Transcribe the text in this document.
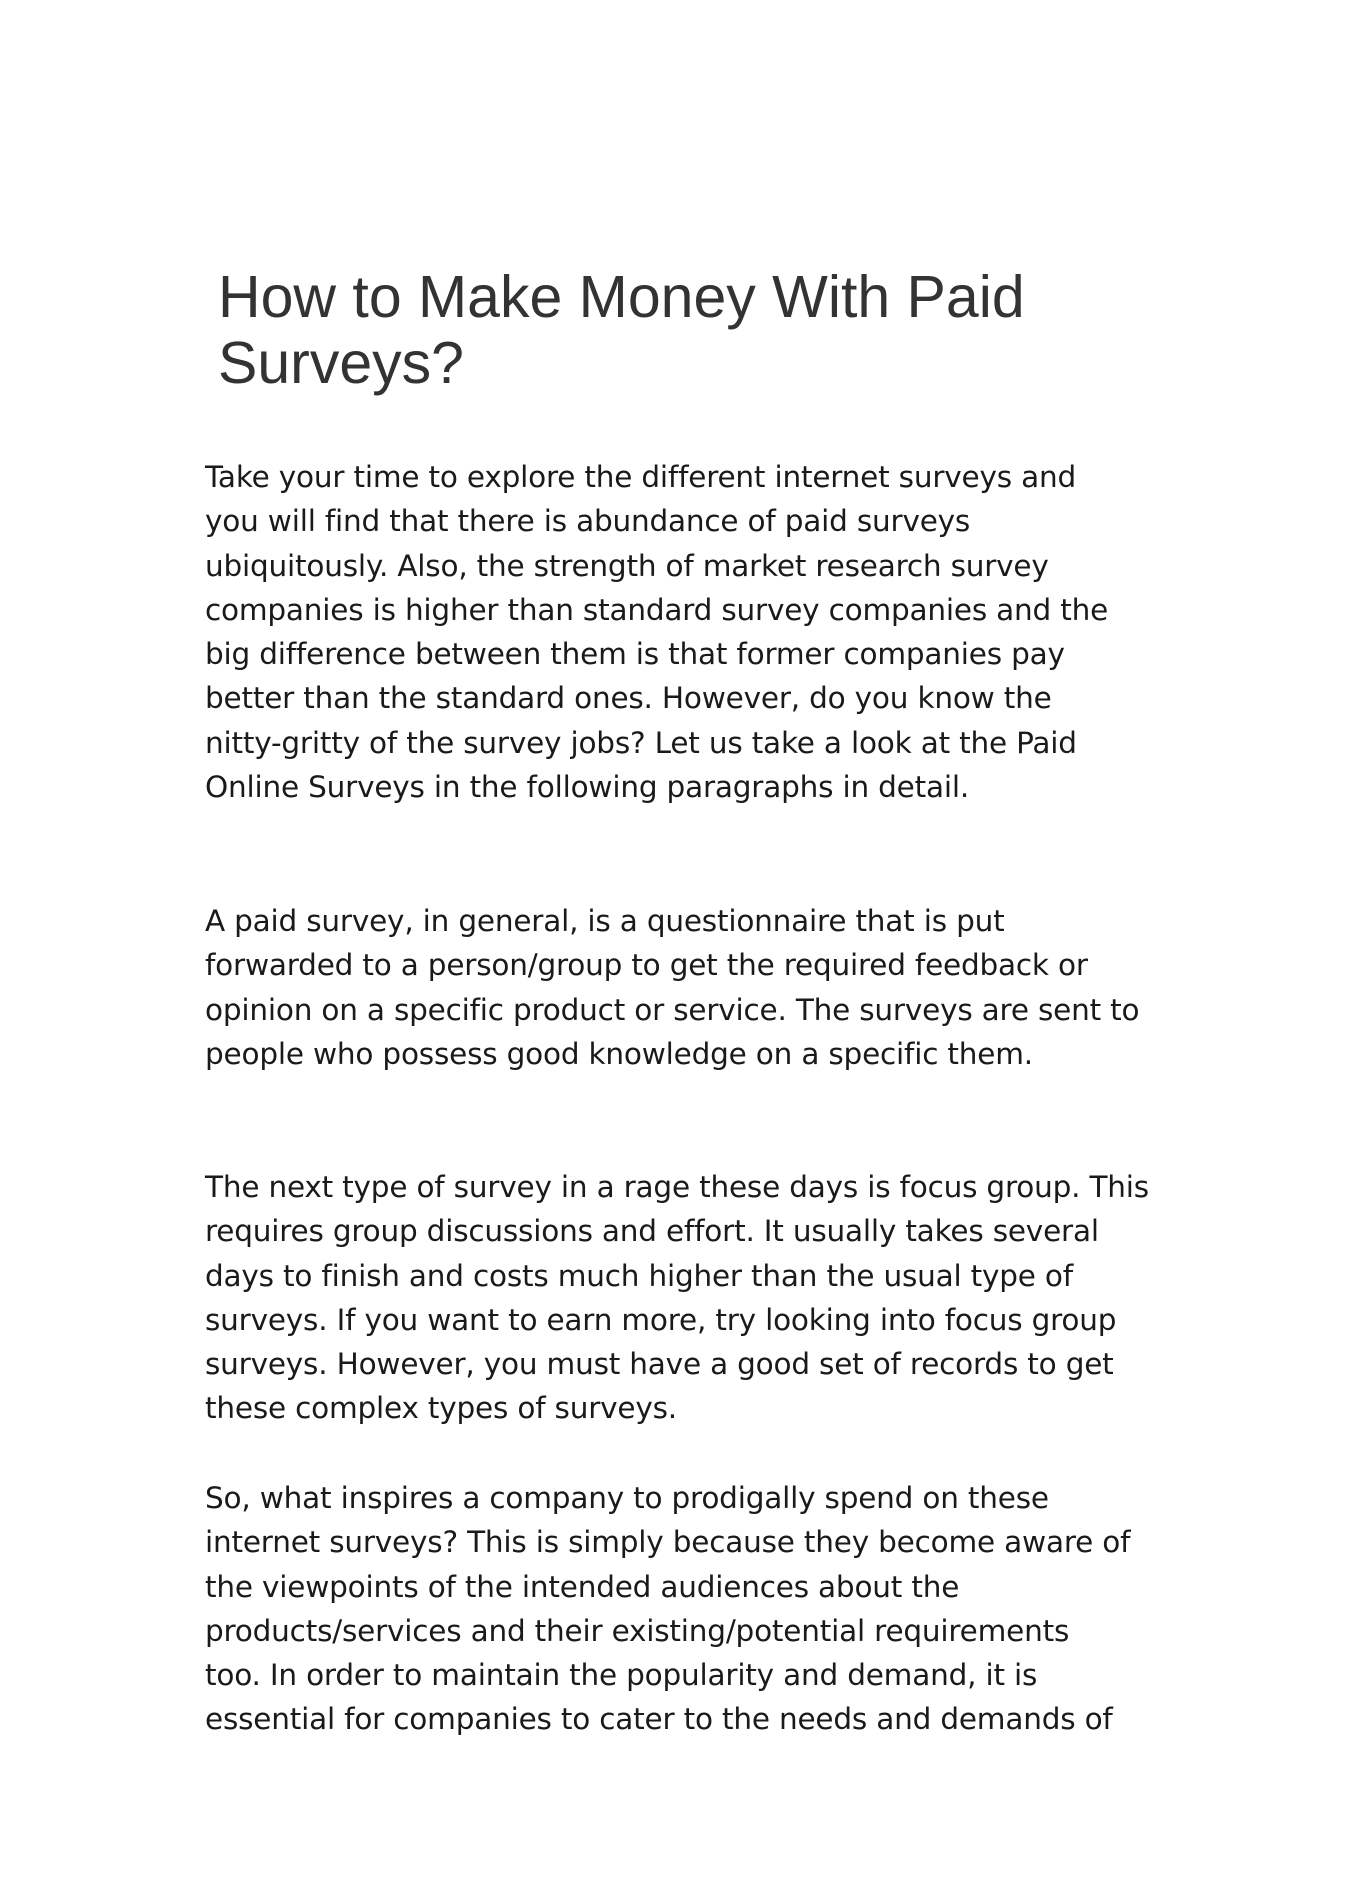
How to Make Money With Paid
Surveys?

Take your time to explore the different internet surveys and
you will find that there is abundance of paid surveys
ubiquitously. Also, the strength of market research survey
companies is higher than standard survey companies and the
big difference between them is that former companies pay
better than the standard ones. However, do you know the
nitty-gritty of the survey jobs? Let us take a look at the Paid
Online Surveys in the following paragraphs in detail.

A paid survey, in general, is a questionnaire that is put
forwarded to a person/group to get the required feedback or
opinion on a specific product or service. The surveys are sent to
people who possess good knowledge on a specific them.

The next type of survey in a rage these days is focus group. This
requires group discussions and effort. It usually takes several
days to finish and costs much higher than the usual type of
surveys. If you want to earn more, try looking into focus group
surveys. However, you must have a good set of records to get
these complex types of surveys.

So, what inspires a company to prodigally spend on these
internet surveys? This is simply because they become aware of
the viewpoints of the intended audiences about the
products/services and their existing/potential requirements
too. In order to maintain the popularity and demand, it is
essential for companies to cater to the needs and demands of
